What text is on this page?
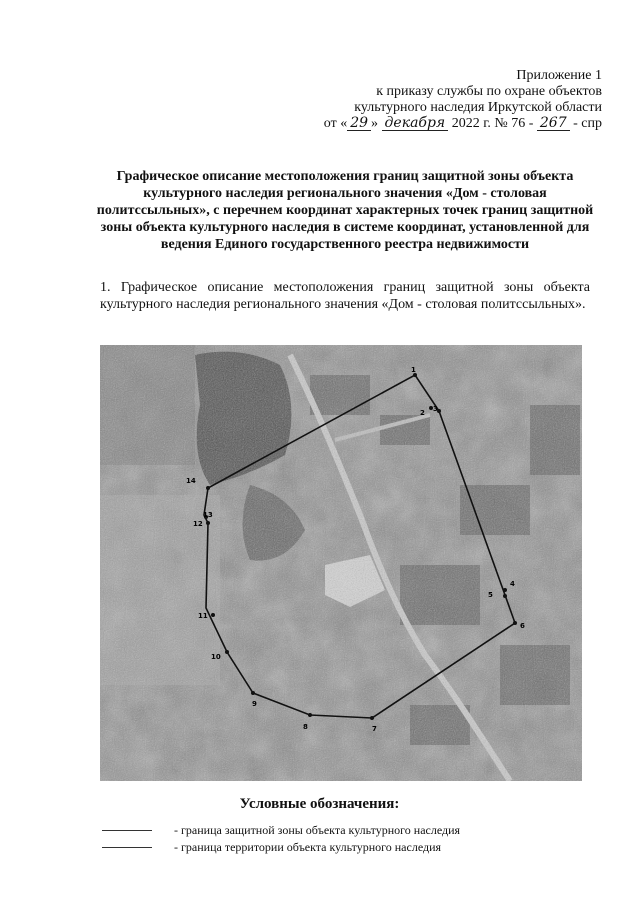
Приложение 1
к приказу службы по охране объектов
культурного наследия Иркутской области
от « 29 » декабря 2022 г. № 76 - 267 - спр
Графическое описание местоположения границ защитной зоны объекта культурного наследия регионального значения «Дом - столовая политссыльных», с перечнем координат характерных точек границ защитной зоны объекта культурного наследия в системе координат, установленной для ведения Единого государственного реестра недвижимости
1. Графическое описание местоположения границ защитной зоны объекта культурного наследия регионального значения «Дом - столовая политссыльных».
1
2 3
4
5
6
7
8
9
10
11
12
13
14
Условные обозначения:
- граница защитной зоны объекта культурного наследия
- граница территории объекта культурного наследия
